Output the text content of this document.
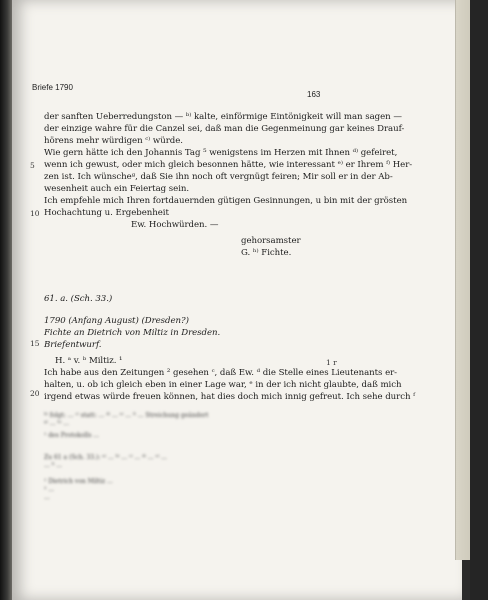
Briefe 1790
163
der sanften Ueberredungston — ᵇ⁾ kalte, einförmige Eintönigkeit will man sagen —
der einzige wahre für die Canzel sei, daß man die Gegenmeinung gar keines Drauf-
hörens mehr würdigen ᶜ⁾ würde.
Wie gern hätte ich den Johannis Tag ⁵ wenigstens im Herzen mit Ihnen ᵈ⁾ gefeiret,
wenn ich gewust, oder mich gleich besonnen hätte, wie interessant ᵉ⁾ er Ihrem ᶠ⁾ Her-
zen ist. Ich wünscheᵍ, daß Sie ihn noch oft vergnügt feiren; Mir soll er in der Ab-
wesenheit auch ein Feiertag sein.
Ich empfehle mich Ihren fortdauernden gütigen Gesinnungen, u bin mit der grösten
Hochachtung u. Ergebenheit
Ew. Hochwürden. —
gehorsamster
G. ʰ⁾ Fichte.
5
10
15
20
61. a. (Sch. 33.)
1790 (Anfang August) (Dresden?)
Fichte an Dietrich von Miltiz in Dresden.
Briefentwurf.
H. ᵃ v. ᵇ Miltiz. ¹
Ich habe aus den Zeitungen ² gesehen ᶜ, daß Ew. ᵈ die Stelle eines Lieutenants er-
halten, u. ob ich gleich eben in einer Lage war, ᵉ in der ich nicht glaubte, daß mich
irgend etwas würde freuen können, hat dies doch mich innig gefreut. Ich sehe durch ᶠ
1 r
ᵇ⁾ folgt: ... ᶜ⁾ statt: ... ᵈ⁾ ... ᵉ⁾ ... ᶠ⁾ ... Streichung geändert
ᵍ⁾ ... ʰ⁾ ...
¹ des Protokolls ...
Zu 61 a (Sch. 33.): ᵃ⁾ ... ᵇ⁾ ... ᶜ⁾ ... ᵈ⁾ ... ᵉ⁾ ...
... ᶠ⁾ ...
¹ Dietrich von Miltiz ...
² ...
...
